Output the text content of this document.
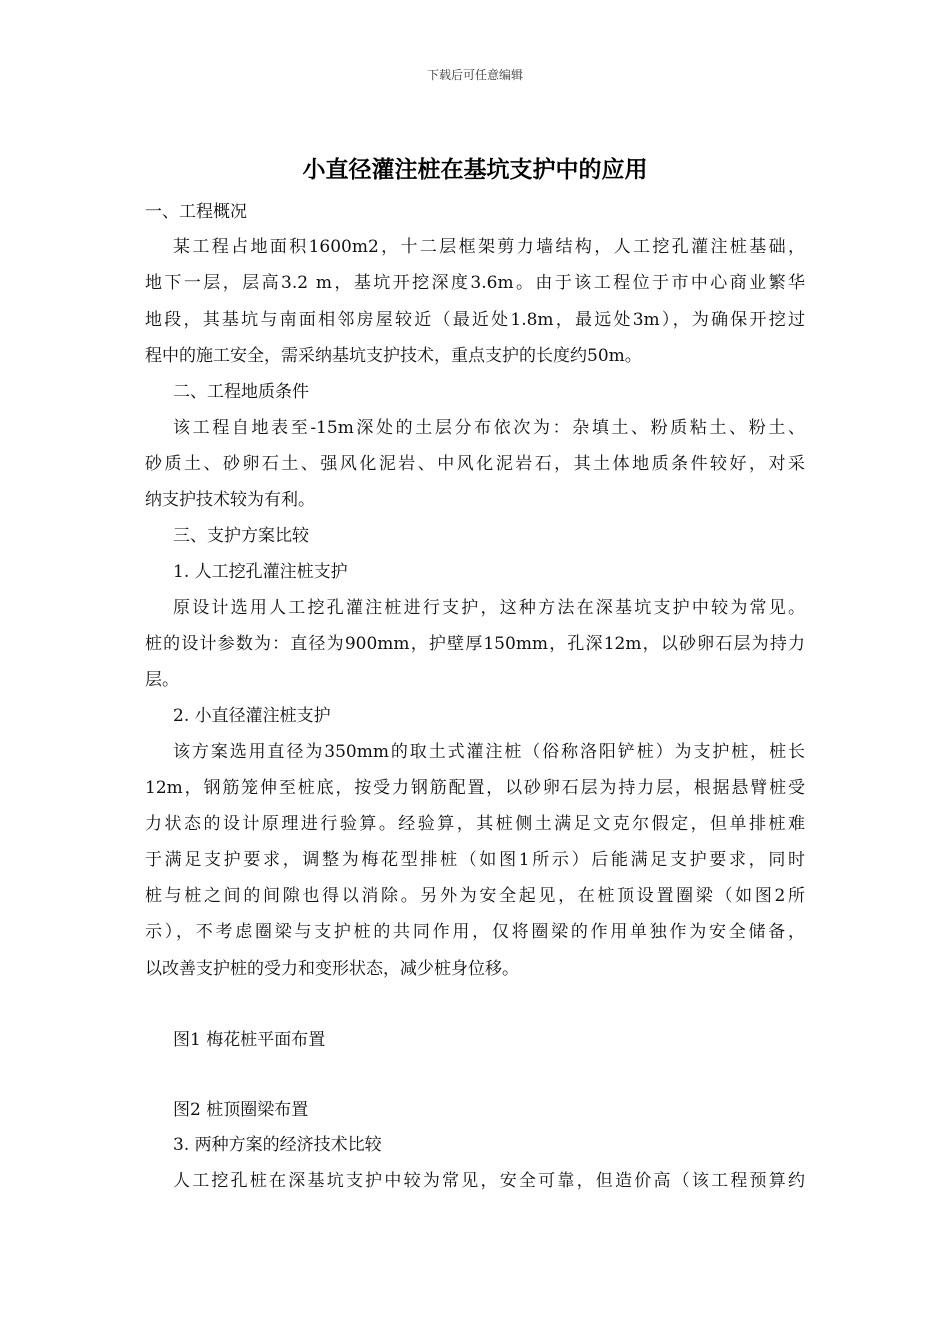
下载后可任意编辑
小直径灌注桩在基坑支护中的应用
一、工程概况
某工程占地面积1600m2，十二层框架剪力墙结构，人工挖孔灌注桩基础，
地下一层，层高3.2 m，基坑开挖深度3.6m。由于该工程位于市中心商业繁华
地段，其基坑与南面相邻房屋较近（最近处1.8m，最远处3m），为确保开挖过
程中的施工安全，需采纳基坑支护技术，重点支护的长度约50m。
二、工程地质条件
该工程自地表至-15m深处的土层分布依次为：杂填土、粉质粘土、粉土、
砂质土、砂卵石土、强风化泥岩、中风化泥岩石，其土体地质条件较好，对采
纳支护技术较为有利。
三、支护方案比较
1. 人工挖孔灌注桩支护
原设计选用人工挖孔灌注桩进行支护，这种方法在深基坑支护中较为常见。
桩的设计参数为：直径为900mm，护壁厚150mm，孔深12m，以砂卵石层为持力
层。
2. 小直径灌注桩支护
该方案选用直径为350mm的取土式灌注桩（俗称洛阳铲桩）为支护桩，桩长
12m，钢筋笼伸至桩底，按受力钢筋配置，以砂卵石层为持力层，根据悬臂桩受
力状态的设计原理进行验算。经验算，其桩侧土满足文克尔假定，但单排桩难
于满足支护要求，调整为梅花型排桩（如图1所示）后能满足支护要求，同时
桩与桩之间的间隙也得以消除。另外为安全起见，在桩顶设置圈梁（如图2所
示），不考虑圈梁与支护桩的共同作用，仅将圈梁的作用单独作为安全储备，
以改善支护桩的受力和变形状态，减少桩身位移。
图1 梅花桩平面布置
图2 桩顶圈梁布置
3. 两种方案的经济技术比较
人工挖孔桩在深基坑支护中较为常见，安全可靠，但造价高（该工程预算约
